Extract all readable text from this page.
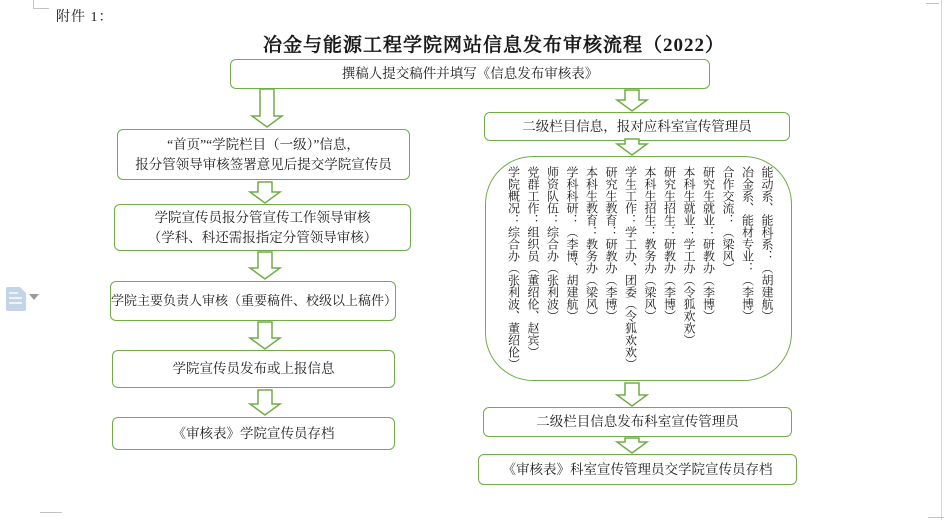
附件 1：
冶金与能源工程学院网站信息发布审核流程（2022）
撰稿人提交稿件并填写《信息发布审核表》
“首页”“学院栏目（一级）”信息，
报分管领导审核签署意见后提交学院宣传员
学院宣传员报分管宣传工作领导审核
（学科、科还需报指定分管领导审核）
学院主要负责人审核（重要稿件、校级以上稿件）
学院宣传员发布或上报信息
《审核表》学院宣传员存档
二级栏目信息，报对应科室宣传管理员
学院概况：综合办（张利波、董绍伦） 党群工作：组织员（董绍伦、赵宾） 师资队伍：综合办（张利波） 学科科研：（李博、胡建航） 本科生教育：教务办（梁风） 研究生教育：研教办（李博） 学生工作：学工办、团委（令狐欢欢） 本科生招生：教务办（梁风） 研究生招生：研教办（李博） 本科生就业：学工办（令狐欢欢） 研究生就业：研教办（李博） 合作交流：（梁风） 冶金系、能材专业：（李博） 能动系、能科系：（胡建航）
二级栏目信息发布科室宣传管理员
《审核表》科室宣传管理员交学院宣传员存档
